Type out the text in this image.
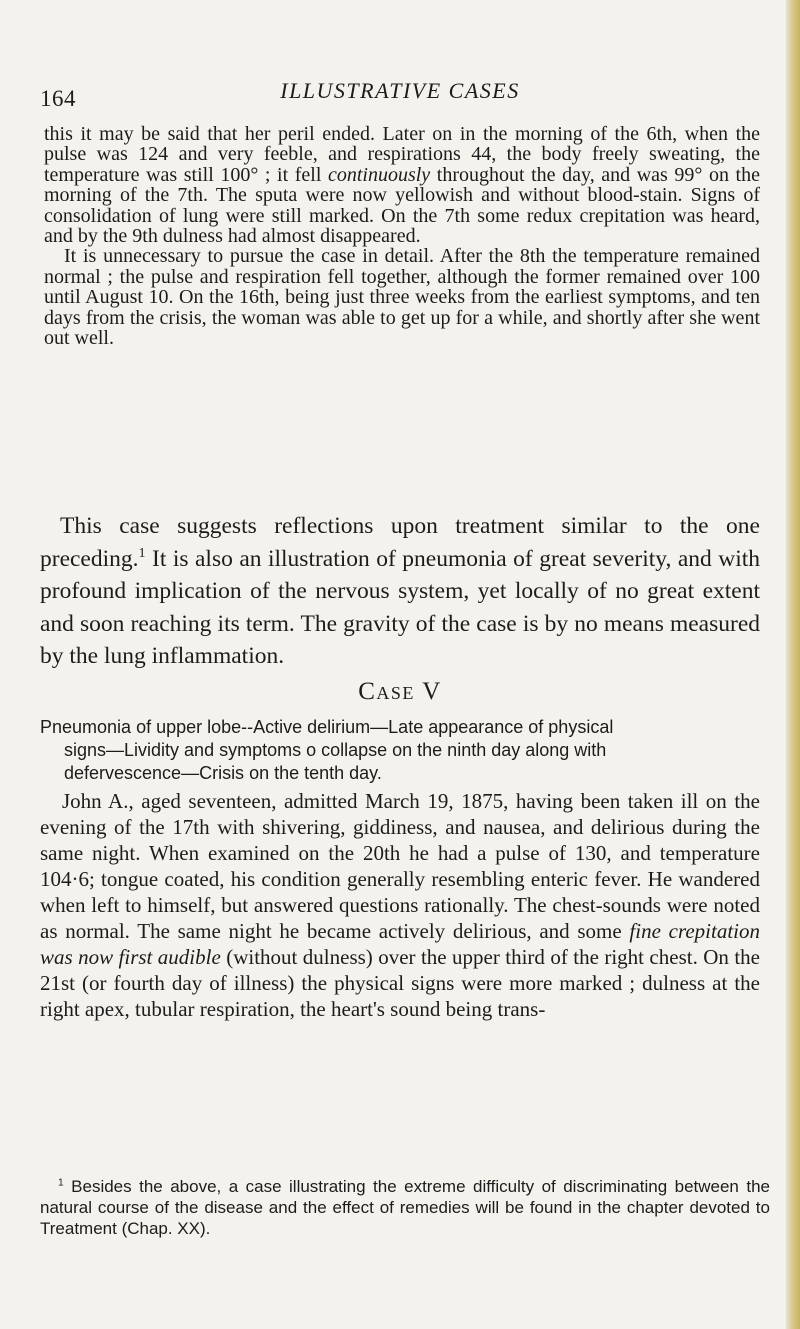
164	ILLUSTRATIVE CASES

this it may be said that her peril ended. Later on in the morning of the 6th, when the pulse was 124 and very feeble, and respirations 44, the body freely sweating, the temperature was still 100° ; it fell continuously throughout the day, and was 99° on the morning of the 7th. The sputa were now yellowish and without blood-stain. Signs of consolidation of lung were still marked. On the 7th some redux crepitation was heard, and by the 9th dulness had almost disappeared.

It is unnecessary to pursue the case in detail. After the 8th the temperature remained normal ; the pulse and respiration fell together, although the former remained over 100 until August 10. On the 16th, being just three weeks from the earliest symptoms, and ten days from the crisis, the woman was able to get up for a while, and shortly after she went out well.

This case suggests reflections upon treatment similar to the one preceding.$^1$ It is also an illustration of pneumonia of great severity, and with profound implication of the nervous system, yet locally of no great extent and soon reaching its term. The gravity of the case is by no means measured by the lung inflammation.

Case V
Pneumonia of upper lobe--Active delirium—Late appearance of physical
signs—Lividity and symptoms o collapse on the ninth day along with
defervescence—Crisis on the tenth day.

John A., aged seventeen, admitted March 19, 1875, having been taken ill on the evening of the 17th with shivering, giddiness, and nausea, and delirious during the same night. When examined on the 20th he had a pulse of 130, and temperature 104·6; tongue coated, his condition generally resembling enteric fever. He wandered when left to himself, but answered questions rationally. The chest-sounds were noted as normal. The same night he became actively delirious, and some fine crepitation was now first audible (without dulness) over the upper third of the right chest. On the 21st (or fourth day of illness) the physical signs were more marked ; dulness at the right apex, tubular respiration, the heart's sound being trans-

$^1$ Besides the above, a case illustrating the extreme difficulty of discriminating between the natural course of the disease and the effect of remedies will be found in the chapter devoted to Treatment (Chap. XX).
